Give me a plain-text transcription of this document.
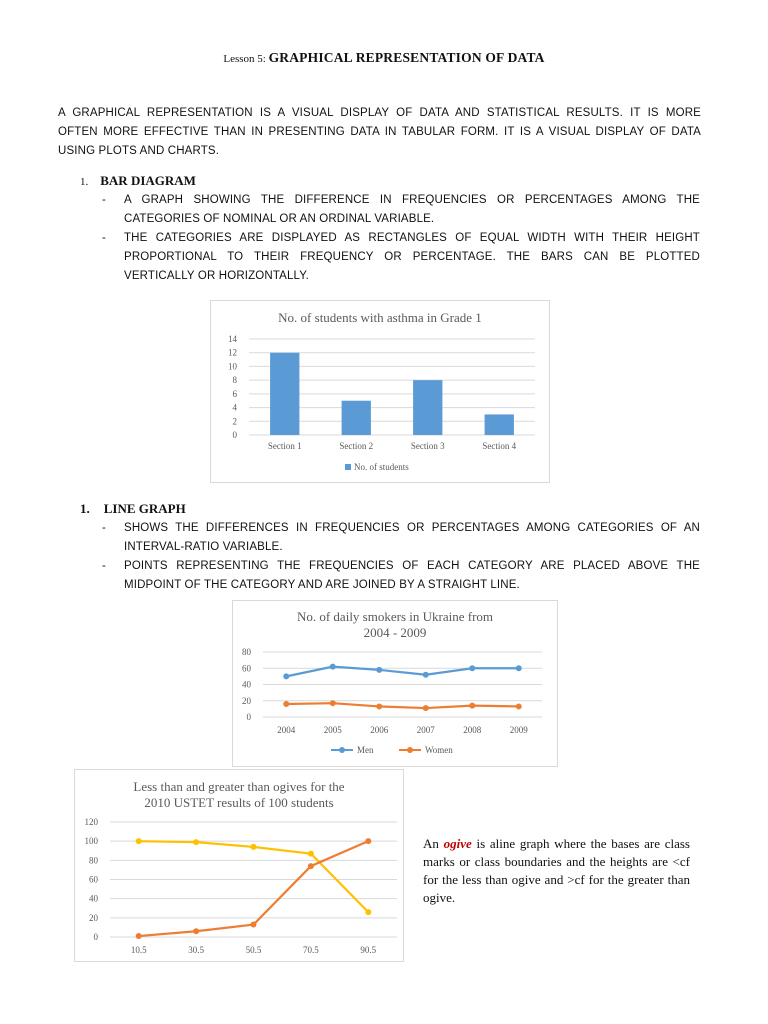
Lesson 5: GRAPHICAL REPRESENTATION OF DATA
A GRAPHICAL REPRESENTATION IS A VISUAL DISPLAY OF DATA AND STATISTICAL RESULTS. IT IS MORE
OFTEN MORE EFFECTIVE THAN IN PRESENTING DATA IN TABULAR FORM. IT IS A VISUAL DISPLAY OF DATA
USING PLOTS AND CHARTS.
1. BAR DIAGRAM
- A GRAPH SHOWING THE DIFFERENCE IN FREQUENCIES OR PERCENTAGES AMONG THE
CATEGORIES OF NOMINAL OR AN ORDINAL VARIABLE.
- THE CATEGORIES ARE DISPLAYED AS RECTANGLES OF EQUAL WIDTH WITH THEIR HEIGHT
PROPORTIONAL TO THEIR FREQUENCY OR PERCENTAGE. THE BARS CAN BE PLOTTED
VERTICALLY OR HORIZONTALLY.
No. of students with asthma in Grade 1
0
2
4
6
8
10
12
14
Section 1	Section 2	Section 3	Section 4
No. of students
1. LINE GRAPH
- SHOWS THE DIFFERENCES IN FREQUENCIES OR PERCENTAGES AMONG CATEGORIES OF AN
INTERVAL-RATIO VARIABLE.
- POINTS REPRESENTING THE FREQUENCIES OF EACH CATEGORY ARE PLACED ABOVE THE
MIDPOINT OF THE CATEGORY AND ARE JOINED BY A STRAIGHT LINE.
No. of daily smokers in Ukraine from
2004 - 2009
0
20
40
60
80
2004	2005	2006	2007	2008	2009
Men	Women
Less than and greater than ogives for the
2010 USTET results of 100 students
0
20
40
60
80
100
120
10.5	30.5	50.5	70.5	90.5
An ogive is aline graph where the bases are class marks or class boundaries and the heights are <cf for the less than ogive and >cf for the greater than ogive.
